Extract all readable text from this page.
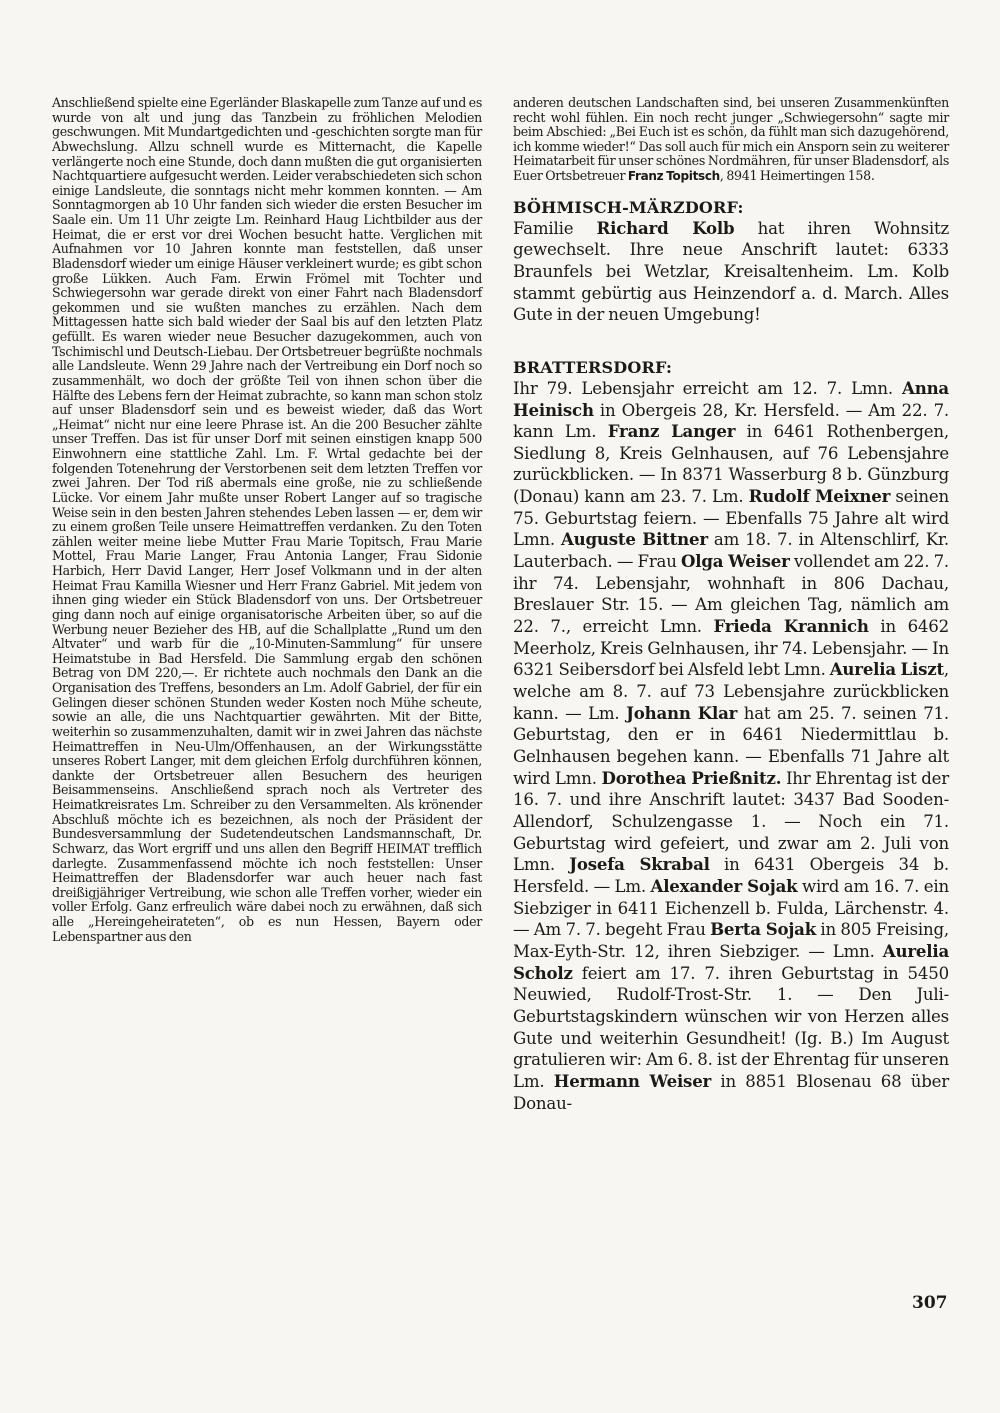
Anschließend spielte eine Egerländer Blaskapelle zum Tanze auf und es wurde von alt und jung das Tanzbein zu fröhlichen Melodien geschwungen. Mit Mundartgedichten und -geschichten sorgte man für Abwechslung. Allzu schnell wurde es Mitternacht, die Kapelle verlängerte noch eine Stunde, doch dann mußten die gut organisierten Nachtquartiere aufgesucht werden. Leider verabschiedeten sich schon einige Landsleute, die sonntags nicht mehr kommen konnten. — Am Sonntagmorgen ab 10 Uhr fanden sich wieder die ersten Besucher im Saale ein. Um 11 Uhr zeigte Lm. Reinhard Haug Lichtbilder aus der Heimat, die er erst vor drei Wochen besucht hatte. Verglichen mit Aufnahmen vor 10 Jahren konnte man feststellen, daß unser Bladensdorf wieder um einige Häuser verkleinert wurde; es gibt schon große Lükken. Auch Fam. Erwin Frömel mit Tochter und Schwiegersohn war gerade direkt von einer Fahrt nach Bladensdorf gekommen und sie wußten manches zu erzählen. Nach dem Mittagessen hatte sich bald wieder der Saal bis auf den letzten Platz gefüllt. Es waren wieder neue Besucher dazugekommen, auch von Tschimischl und Deutsch-Liebau. Der Ortsbetreuer begrüßte nochmals alle Landsleute. Wenn 29 Jahre nach der Vertreibung ein Dorf noch so zusammenhält, wo doch der größte Teil von ihnen schon über die Hälfte des Lebens fern der Heimat zubrachte, so kann man schon stolz auf unser Bladensdorf sein und es beweist wieder, daß das Wort „Heimat“ nicht nur eine leere Phrase ist. An die 200 Besucher zählte unser Treffen. Das ist für unser Dorf mit seinen einstigen knapp 500 Einwohnern eine stattliche Zahl. Lm. F. Wrtal gedachte bei der folgenden Totenehrung der Verstorbenen seit dem letzten Treffen vor zwei Jahren. Der Tod riß abermals eine große, nie zu schließende Lücke. Vor einem Jahr mußte unser Robert Langer auf so tragische Weise sein in den besten Jahren stehendes Leben lassen — er, dem wir zu einem großen Teile unsere Heimattreffen verdanken. Zu den Toten zählen weiter meine liebe Mutter Frau Marie Topitsch, Frau Marie Mottel, Frau Marie Langer, Frau Antonia Langer, Frau Sidonie Harbich, Herr David Langer, Herr Josef Volkmann und in der alten Heimat Frau Kamilla Wiesner und Herr Franz Gabriel. Mit jedem von ihnen ging wieder ein Stück Bladensdorf von uns. Der Ortsbetreuer ging dann noch auf einige organisatorische Arbeiten über, so auf die Werbung neuer Bezieher des HB, auf die Schallplatte „Rund um den Altvater“ und warb für die „10-Minuten-Sammlung“ für unsere Heimatstube in Bad Hersfeld. Die Sammlung ergab den schönen Betrag von DM 220,—. Er richtete auch nochmals den Dank an die Organisation des Treffens, besonders an Lm. Adolf Gabriel, der für ein Gelingen dieser schönen Stunden weder Kosten noch Mühe scheute, sowie an alle, die uns Nachtquartier gewährten. Mit der Bitte, weiterhin so zusammenzuhalten, damit wir in zwei Jahren das nächste Heimattreffen in Neu-Ulm/Offenhausen, an der Wirkungsstätte unseres Robert Langer, mit dem gleichen Erfolg durchführen können, dankte der Ortsbetreuer allen Besuchern des heurigen Beisammenseins. Anschließend sprach noch als Vertreter des Heimatkreisrates Lm. Schreiber zu den Versammelten. Als krönender Abschluß möchte ich es bezeichnen, als noch der Präsident der Bundesversammlung der Sudetendeutschen Landsmannschaft, Dr. Schwarz, das Wort ergriff und uns allen den Begriff HEIMAT trefflich darlegte. Zusammenfassend möchte ich noch feststellen: Unser Heimattreffen der Bladensdorfer war auch heuer nach fast dreißigjähriger Vertreibung, wie schon alle Treffen vorher, wieder ein voller Erfolg. Ganz erfreulich wäre dabei noch zu erwähnen, daß sich alle „Hereingeheirateten“, ob es nun Hessen, Bayern oder Lebenspartner aus den

anderen deutschen Landschaften sind, bei unseren Zusammenkünften recht wohl fühlen. Ein noch recht junger „Schwiegersohn“ sagte mir beim Abschied: „Bei Euch ist es schön, da fühlt man sich dazugehörend, ich komme wieder!“ Das soll auch für mich ein Ansporn sein zu weiterer Heimatarbeit für unser schönes Nordmähren, für unser Bladensdorf, als Euer Ortsbetreuer Franz Topitsch, 8941 Heimertingen 158.

BÖHMISCH-MÄRZDORF:

Familie Richard Kolb hat ihren Wohnsitz gewechselt. Ihre neue Anschrift lautet: 6333 Braunfels bei Wetzlar, Kreisaltenheim. Lm. Kolb stammt gebürtig aus Heinzendorf a. d. March. Alles Gute in der neuen Umgebung!

BRATTERSDORF:

Ihr 79. Lebensjahr erreicht am 12. 7. Lmn. Anna Heinisch in Obergeis 28, Kr. Hersfeld. — Am 22. 7. kann Lm. Franz Langer in 6461 Rothenbergen, Siedlung 8, Kreis Gelnhausen, auf 76 Lebensjahre zurückblicken. — In 8371 Wasserburg 8 b. Günzburg (Donau) kann am 23. 7. Lm. Rudolf Meixner seinen 75. Geburtstag feiern. — Ebenfalls 75 Jahre alt wird Lmn. Auguste Bittner am 18. 7. in Altenschlirf, Kr. Lauterbach. — Frau Olga Weiser vollendet am 22. 7. ihr 74. Lebensjahr, wohnhaft in 806 Dachau, Breslauer Str. 15. — Am gleichen Tag, nämlich am 22. 7., erreicht Lmn. Frieda Krannich in 6462 Meerholz, Kreis Gelnhausen, ihr 74. Lebensjahr. — In 6321 Seibersdorf bei Alsfeld lebt Lmn. Aurelia Liszt, welche am 8. 7. auf 73 Lebensjahre zurückblicken kann. — Lm. Johann Klar hat am 25. 7. seinen 71. Geburtstag, den er in 6461 Niedermittlau b. Gelnhausen begehen kann. — Ebenfalls 71 Jahre alt wird Lmn. Dorothea Prießnitz. Ihr Ehrentag ist der 16. 7. und ihre Anschrift lautet: 3437 Bad Sooden-Allendorf, Schulzengasse 1. — Noch ein 71. Geburtstag wird gefeiert, und zwar am 2. Juli von Lmn. Josefa Skrabal in 6431 Obergeis 34 b. Hersfeld. — Lm. Alexander Sojak wird am 16. 7. ein Siebziger in 6411 Eichenzell b. Fulda, Lärchenstr. 4. — Am 7. 7. begeht Frau Berta Sojak in 805 Freising, Max-Eyth-Str. 12, ihren Siebziger. — Lmn. Aurelia Scholz feiert am 17. 7. ihren Geburtstag in 5450 Neuwied, Rudolf-Trost-Str. 1. — Den Juli-Geburtstagskindern wünschen wir von Herzen alles Gute und weiterhin Gesundheit! (Ig. B.) Im August gratulieren wir: Am 6. 8. ist der Ehrentag für unseren Lm. Hermann Weiser in 8851 Blosenau 68 über Donau-

307
